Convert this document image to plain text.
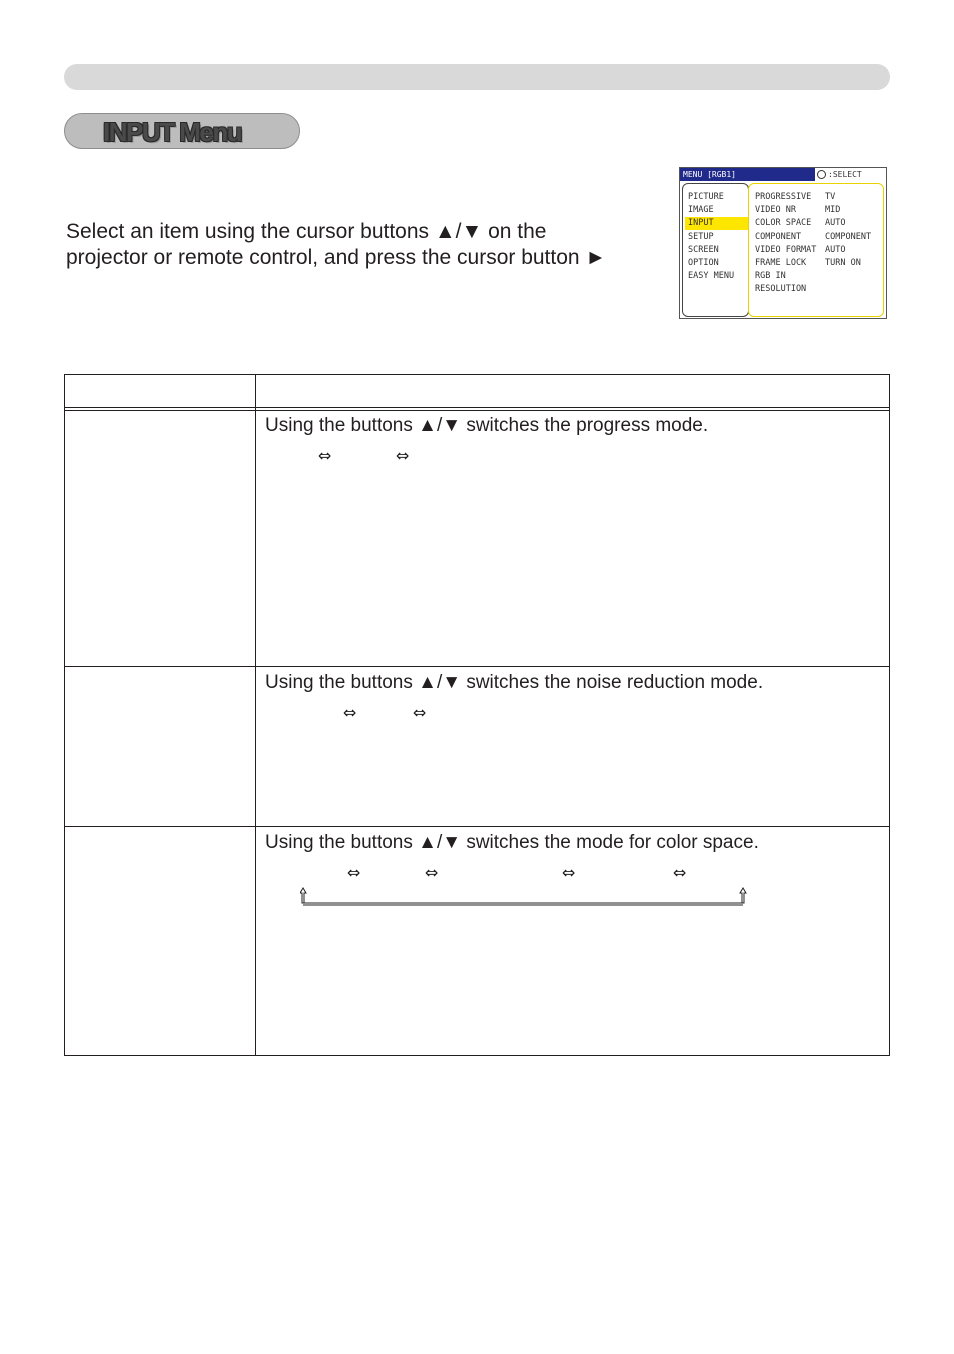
INPUT Menu
Select an item using the cursor buttons ▲/▼ on the
projector or remote control, and press the cursor button ►
MENU [RGB1]	:SELECT
PICTURE
IMAGE
INPUT
SETUP
SCREEN
OPTION
EASY MENU
PROGRESSIVE TV
VIDEO NR	MID
COLOR SPACE AUTO
COMPONENT	COMPONENT
VIDEO FORMAT AUTO
FRAME LOCK TURN ON
RGB IN
RESOLUTION
Using the buttons ▲/▼ switches the progress mode.
⇔	⇔
Using the buttons ▲/▼ switches the noise reduction mode.
⇔	⇔
Using the buttons ▲/▼ switches the mode for color space.
⇔	⇔	⇔	⇔
